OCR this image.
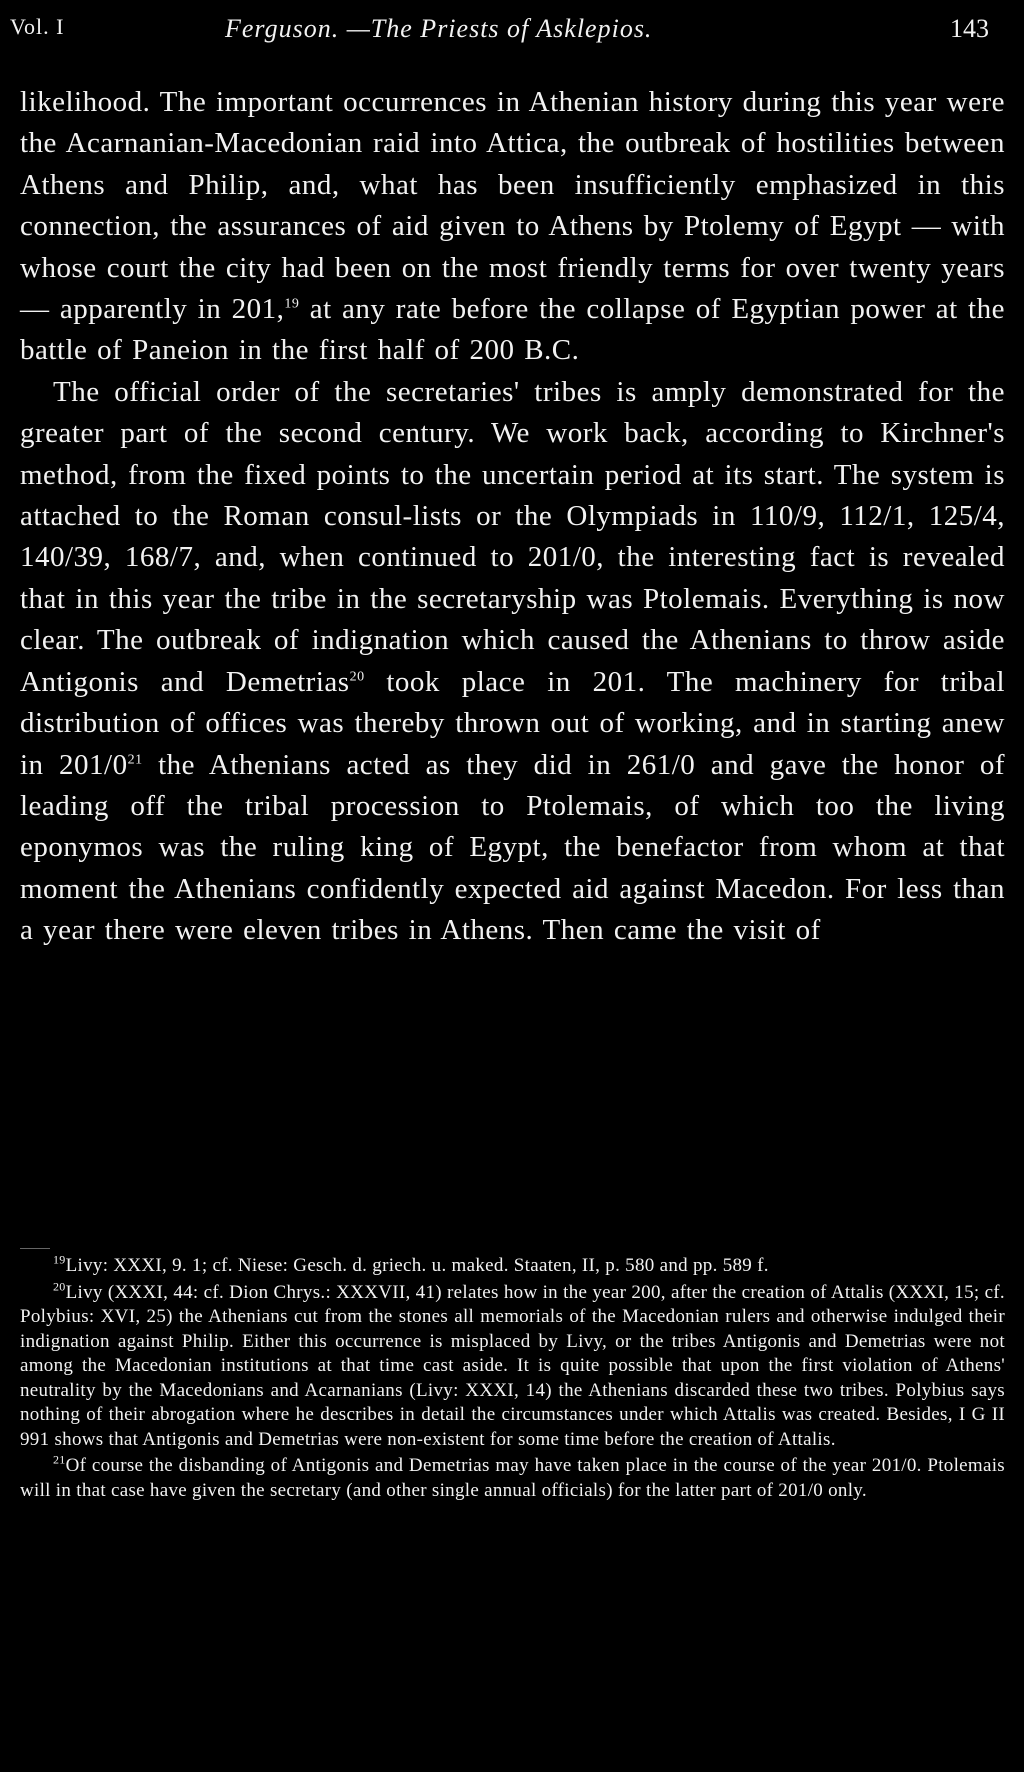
Vol. I	Ferguson. —The Priests of Asklepios.	143

likelihood. The important occurrences in Athenian history during this year were the Acarnanian-Macedonian raid into Attica, the outbreak of hostilities between Athens and Philip, and, what has been insufficiently emphasized in this connection, the assurances of aid given to Athens by Ptolemy of Egypt — with whose court the city had been on the most friendly terms for over twenty years — apparently in 201,19 at any rate before the collapse of Egyptian power at the battle of Paneion in the first half of 200 B.C.

The official order of the secretaries' tribes is amply demonstrated for the greater part of the second century. We work back, according to Kirchner's method, from the fixed points to the uncertain period at its start. The system is attached to the Roman consul-lists or the Olympiads in 110/9, 112/1, 125/4, 140/39, 168/7, and, when continued to 201/0, the interesting fact is revealed that in this year the tribe in the secretaryship was Ptolemais. Everything is now clear. The outbreak of indignation which caused the Athenians to throw aside Antigonis and Demetrias$^{20}$ took place in 201. The machinery for tribal distribution of offices was thereby thrown out of working, and in starting anew in $201/0^{21}$ the Athenians acted as they did in 261/0 and gave the honor of leading off the tribal procession to Ptolemais, of which too the living eponymos was the ruling king of Egypt, the benefactor from whom at that moment the Athenians confidently expected aid against Macedon. For less than a year there were eleven tribes in Athens. Then came the visit of

$^{19}$Livy: XXXI, 9. 1; cf. Niese: Gesch. d. griech. u. maked. Staaten, II, p. 580 and pp. 589 f.

$^{20}$Livy (XXXI, 44: cf. Dion Chrys.: XXXVII, 41) relates how in the year 200, after the creation of Attalis (XXXI, 15; cf. Polybius: XVI, 25) the Athenians cut from the stones all memorials of the Macedonian rulers and otherwise indulged their indignation against Philip. Either this occurrence is misplaced by Livy, or the tribes Antigonis and Demetrias were not among the Macedonian institutions at that time cast aside. It is quite possible that upon the first violation of Athens' neutrality by the Macedonians and Acarnanians (Livy: XXXI, 14) the Athenians discarded these two tribes. Polybius says nothing of their abrogation where he describes in detail the circumstances under which Attalis was created. Besides, I G II 991 shows that Antigonis and Demetrias were non-existent for some time before the creation of Attalis.

$^{21}$Of course the disbanding of Antigonis and Demetrias may have taken place in the course of the year 201/0. Ptolemais will in that case have given the secretary (and other single annual officials) for the latter part of 201/0 only.
